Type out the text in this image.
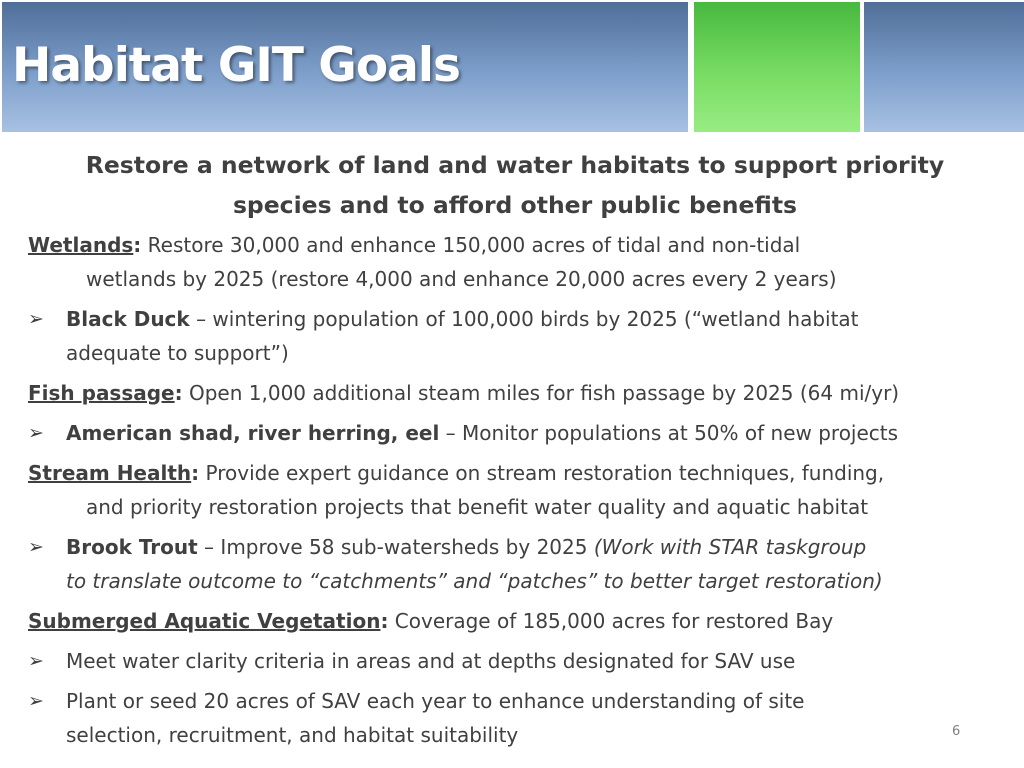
Habitat GIT Goals
Restore a network of land and water habitats to support priority
species and to afford other public benefits
Wetlands: Restore 30,000 and enhance 150,000 acres of tidal and non-tidal
wetlands by 2025 (restore 4,000 and enhance 20,000 acres every 2 years)
➢ Black Duck – wintering population of 100,000 birds by 2025 (“wetland habitat
adequate to support”)
Fish passage: Open 1,000 additional steam miles for fish passage by 2025 (64 mi/yr)
➢ American shad, river herring, eel – Monitor populations at 50% of new projects
Stream Health: Provide expert guidance on stream restoration techniques, funding,
and priority restoration projects that benefit water quality and aquatic habitat
➢ Brook Trout – Improve 58 sub-watersheds by 2025 (Work with STAR taskgroup
to translate outcome to “catchments” and “patches” to better target restoration)
Submerged Aquatic Vegetation: Coverage of 185,000 acres for restored Bay
➢ Meet water clarity criteria in areas and at depths designated for SAV use
➢ Plant or seed 20 acres of SAV each year to enhance understanding of site
selection, recruitment, and habitat suitability	6
